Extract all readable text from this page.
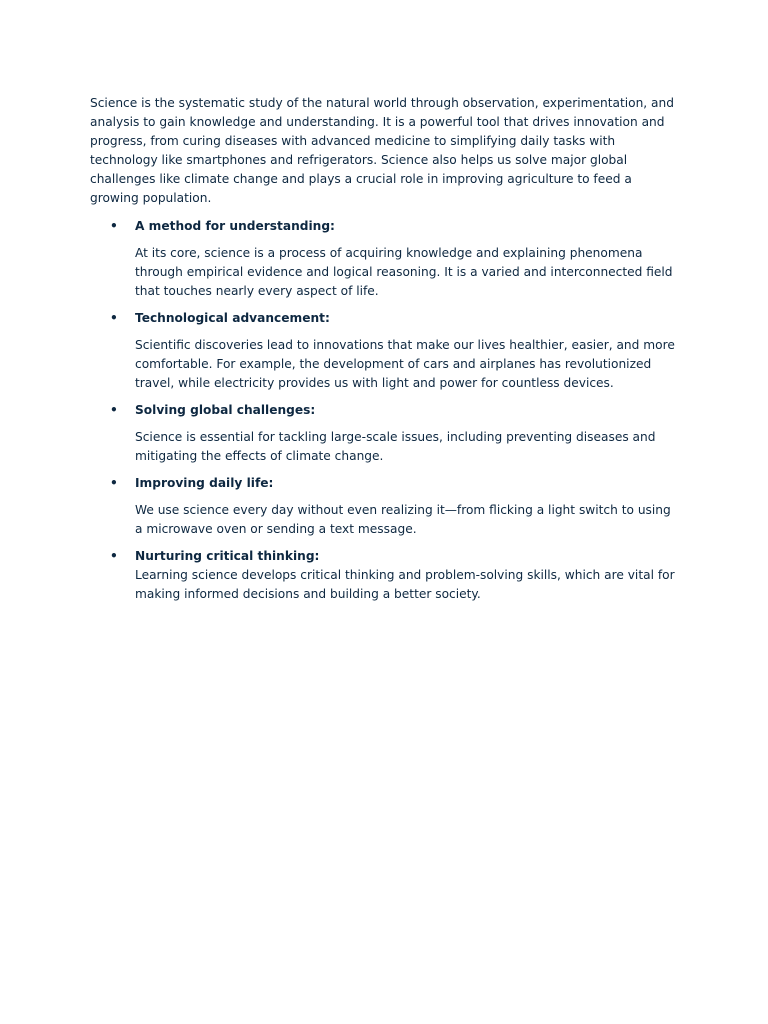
Science is the systematic study of the natural world through observation, experimentation, and analysis to gain knowledge and understanding. It is a powerful tool that drives innovation and progress, from curing diseases with advanced medicine to simplifying daily tasks with technology like smartphones and refrigerators. Science also helps us solve major global challenges like climate change and plays a crucial role in improving agriculture to feed a growing population.

• A method for understanding:

At its core, science is a process of acquiring knowledge and explaining phenomena through empirical evidence and logical reasoning. It is a varied and interconnected field that touches nearly every aspect of life.

• Technological advancement:

Scientific discoveries lead to innovations that make our lives healthier, easier, and more comfortable. For example, the development of cars and airplanes has revolutionized travel, while electricity provides us with light and power for countless devices.

• Solving global challenges:

Science is essential for tackling large-scale issues, including preventing diseases and mitigating the effects of climate change.

• Improving daily life:

We use science every day without even realizing it—from flicking a light switch to using a microwave oven or sending a text message.

• Nurturing critical thinking:

Learning science develops critical thinking and problem-solving skills, which are vital for making informed decisions and building a better society.
